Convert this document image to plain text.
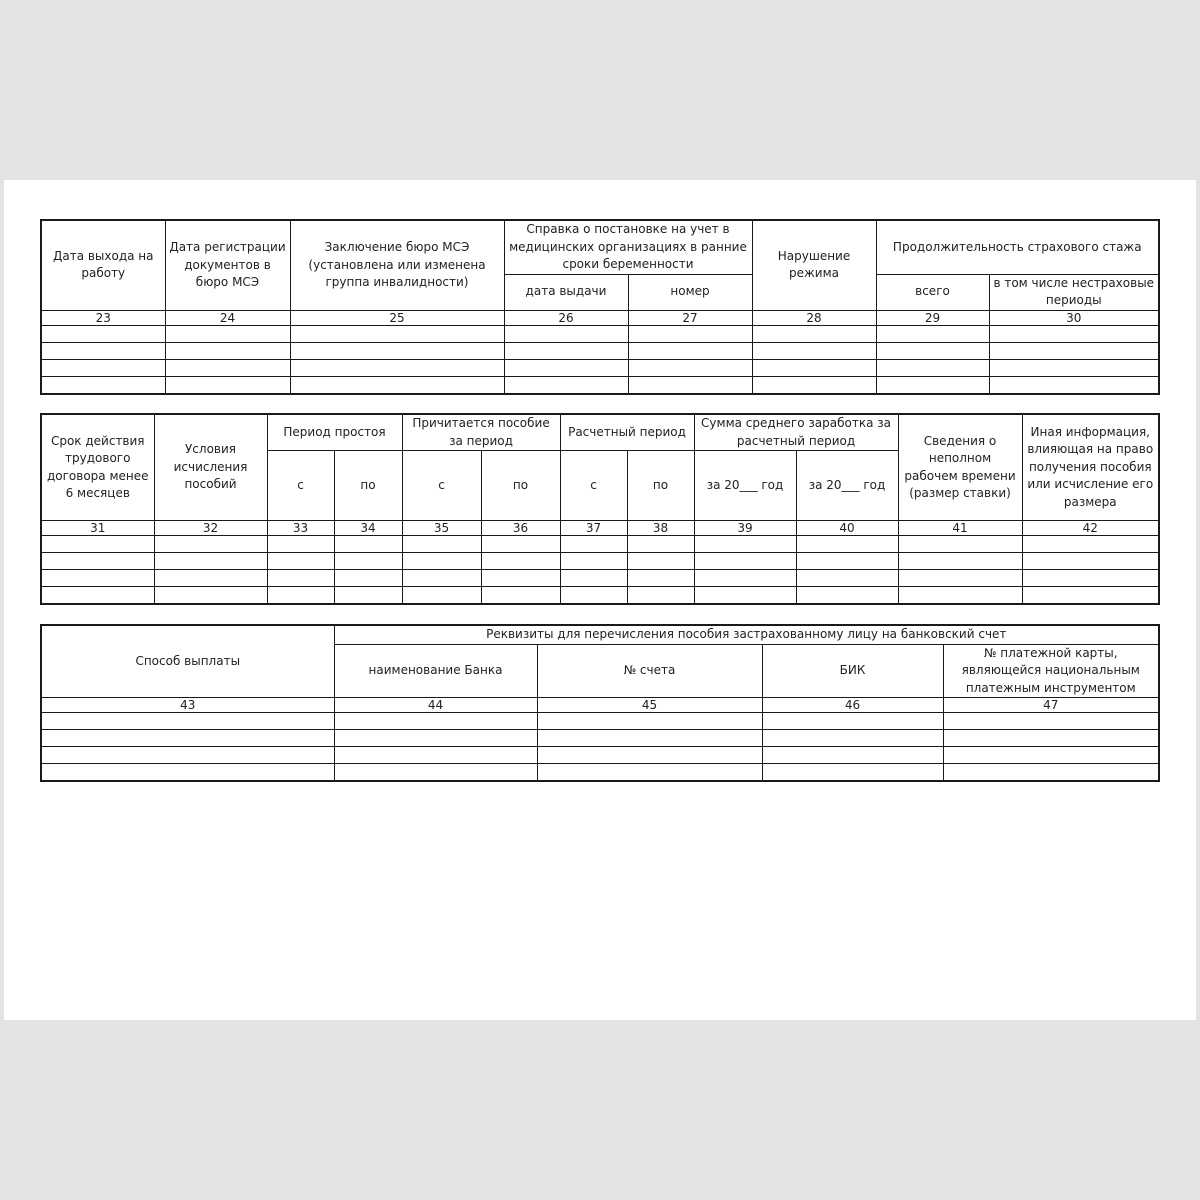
Дата выхода на работу	Дата регистрации документов в бюро МСЭ	Заключение бюро МСЭ (установлена или изменена группа инвалидности)	Справка о постановке на учет в медицинских организациях в ранние сроки беременности		Нарушение режима	Продолжительность страхового стажа	
			дата выдачи	номер		всего	в том числе нестраховые периоды
23	24	25	26	27	28	29	30

Срок действия трудового договора менее 6 месяцев	Условия исчисления пособий	Период простоя		Причитается пособие за период		Расчетный период		Сумма среднего заработка за расчетный период		Сведения о неполном рабочем времени (размер ставки)	Иная информация, влияющая на право получения пособия или исчисление его размера
		с	по	с	по	с	по	за 20___ год	за 20___ год		
31	32	33	34	35	36	37	38	39	40	41	42

Способ выплаты	Реквизиты для перечисления пособия застрахованному лицу на банковский счет			
	наименование Банка	№ счета	БИК	№ платежной карты, являющейся национальным платежным инструментом
43	44	45	46	47
